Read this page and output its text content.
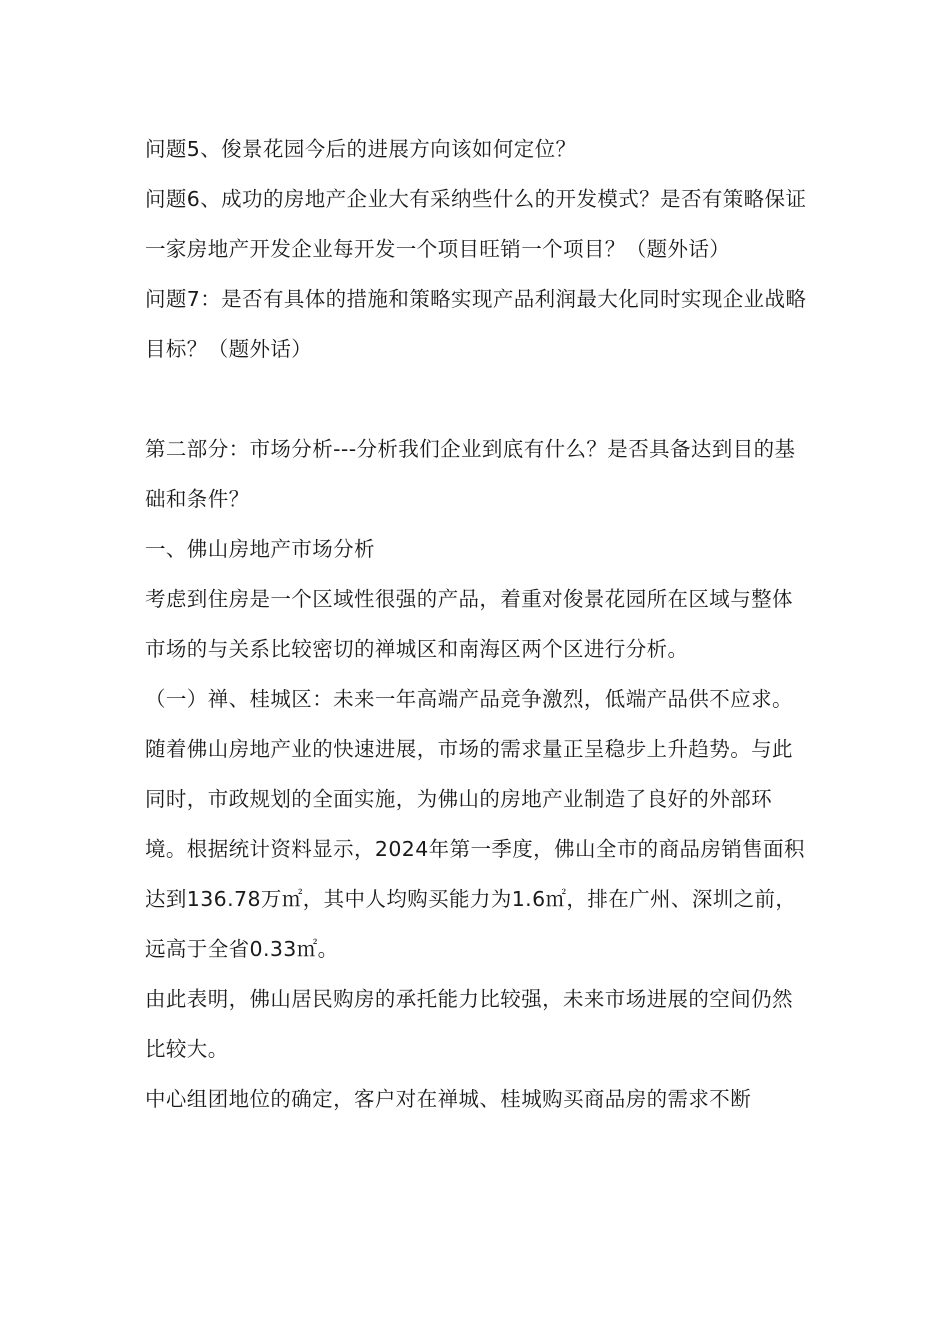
问题5、俊景花园今后的进展方向该如何定位？

问题6、成功的房地产企业大有采纳些什么的开发模式？是否有策略保证一家房地产开发企业每开发一个项目旺销一个项目？（题外话）

问题7：是否有具体的措施和策略实现产品利润最大化同时实现企业战略目标？（题外话）

第二部分：市场分析---分析我们企业到底有什么？是否具备达到目的基础和条件？

一、佛山房地产市场分析

考虑到住房是一个区域性很强的产品，着重对俊景花园所在区域与整体市场的与关系比较密切的禅城区和南海区两个区进行分析。

（一）禅、桂城区：未来一年高端产品竞争激烈，低端产品供不应求。

随着佛山房地产业的快速进展，市场的需求量正呈稳步上升趋势。与此同时，市政规划的全面实施，为佛山的房地产业制造了良好的外部环境。根据统计资料显示，2024年第一季度，佛山全市的商品房销售面积达到136.78万㎡，其中人均购买能力为1.6㎡，排在广州、深圳之前，远高于全省0.33㎡。

由此表明，佛山居民购房的承托能力比较强，未来市场进展的空间仍然比较大。

中心组团地位的确定，客户对在禅城、桂城购买商品房的需求不断
